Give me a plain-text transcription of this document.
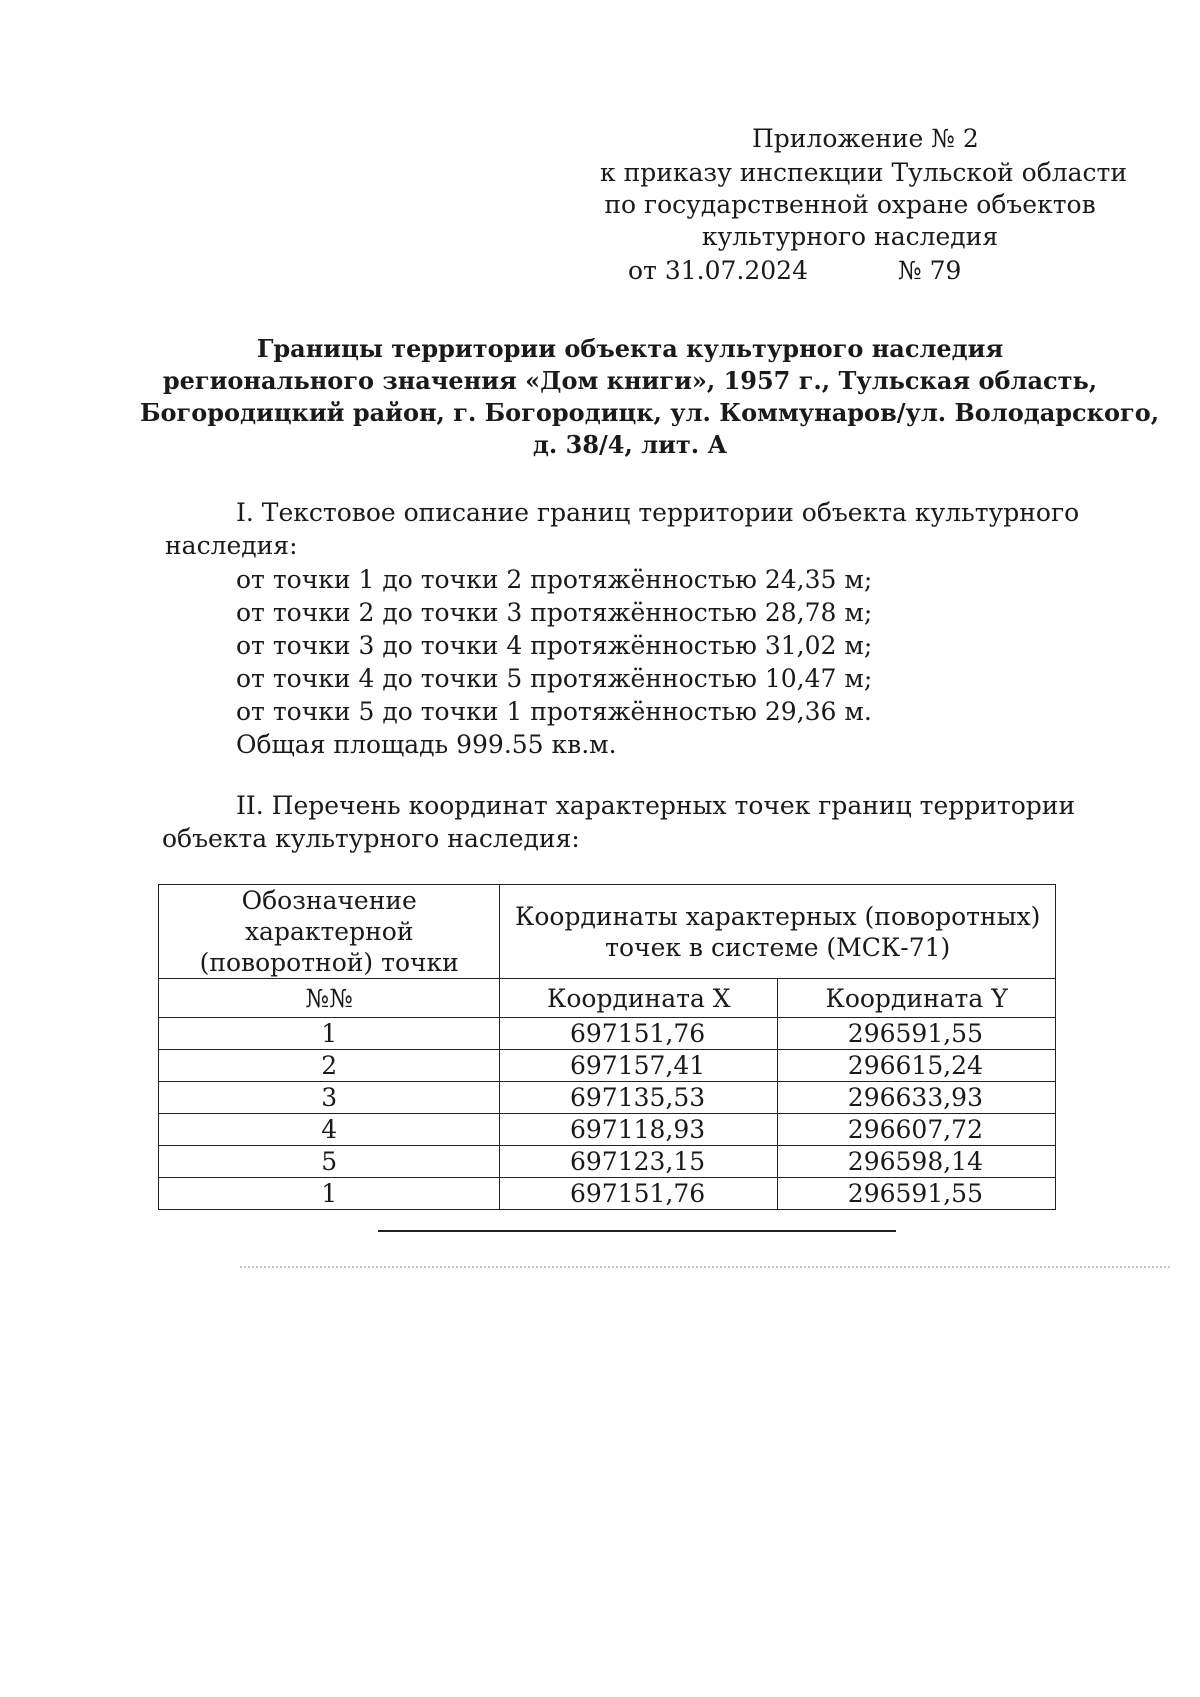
Приложение № 2
к приказу инспекции Тульской области
по государственной охране объектов
культурного наследия
от 31.07.2024	№ 79
Границы территории объекта культурного наследия
регионального значения «Дом книги», 1957 г., Тульская область,
Богородицкий район, г. Богородицк, ул. Коммунаров/ул. Володарского,
д. 38/4, лит. А
I. Текстовое описание границ территории объекта культурного
наследия:
от точки 1 до точки 2 протяжённостью 24,35 м;
от точки 2 до точки 3 протяжённостью 28,78 м;
от точки 3 до точки 4 протяжённостью 31,02 м;
от точки 4 до точки 5 протяжённостью 10,47 м;
от точки 5 до точки 1 протяжённостью 29,36 м.
Общая площадь 999.55 кв.м.
II. Перечень координат характерных точек границ территории
объекта культурного наследия:
Обозначение характерной
(поворотной) точки	Координаты характерных (поворотных)
точек в системе (МСК-71)	
№№	Координата X	Координата Y
1	697151,76	296591,55
2	697157,41	296615,24
3	697135,53	296633,93
4	697118,93	296607,72
5	697123,15	296598,14
1	697151,76	296591,55
